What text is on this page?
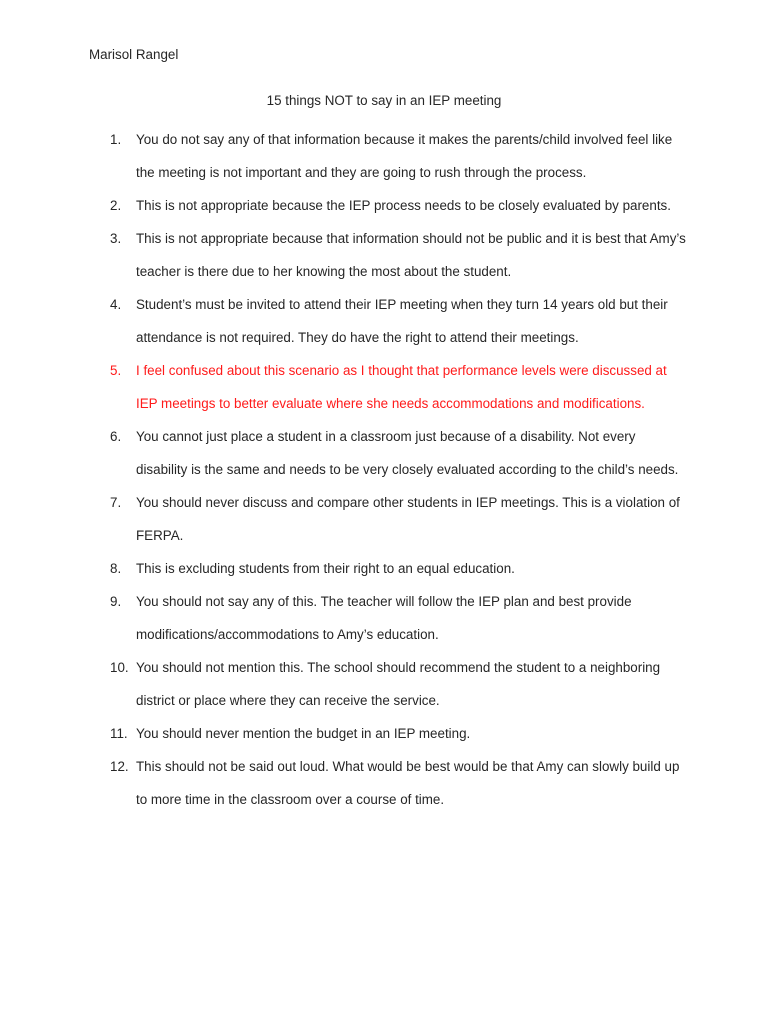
Marisol Rangel
15 things NOT to say in an IEP meeting
1.	You do not say any of that information because it makes the parents/child involved feel like the meeting is not important and they are going to rush through the process.
2.	This is not appropriate because the IEP process needs to be closely evaluated by parents.
3.	This is not appropriate because that information should not be public and it is best that Amy’s teacher is there due to her knowing the most about the student.
4.	Student’s must be invited to attend their IEP meeting when they turn 14 years old but their attendance is not required. They do have the right to attend their meetings.
5.	I feel confused about this scenario as I thought that performance levels were discussed at IEP meetings to better evaluate where she needs accommodations and modifications.
6.	You cannot just place a student in a classroom just because of a disability. Not every disability is the same and needs to be very closely evaluated according to the child’s needs.
7.	You should never discuss and compare other students in IEP meetings. This is a violation of FERPA.
8.	This is excluding students from their right to an equal education.
9.	You should not say any of this. The teacher will follow the IEP plan and best provide modifications/accommodations to Amy’s education.
10. You should not mention this. The school should recommend the student to a neighboring district or place where they can receive the service.
11. You should never mention the budget in an IEP meeting.
12. This should not be said out loud. What would be best would be that Amy can slowly build up to more time in the classroom over a course of time.
